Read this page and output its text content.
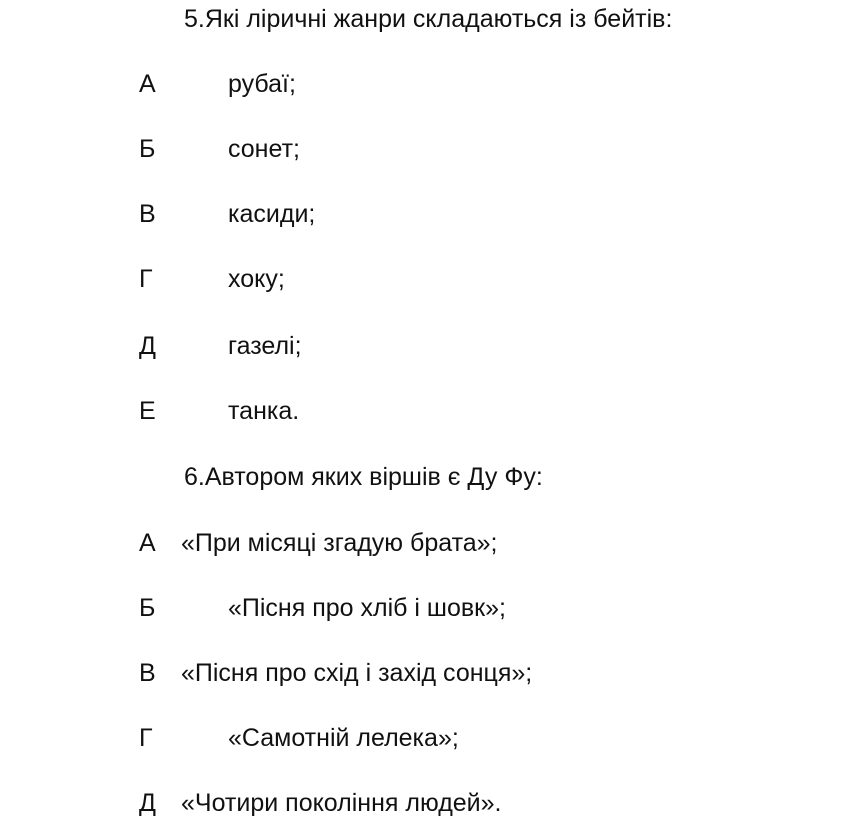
5.Які ліричні жанри складаються із бейтів:
А	рубаї;
Б	сонет;
В	касиди;
Г	хоку;
Д	газелі;
Е	танка.
6.Автором яких віршів є Ду Фу:
А	«При місяці згадую брата»;
Б	«Пісня про хліб і шовк»;
В	«Пісня про схід і захід сонця»;
Г	«Самотній лелека»;
Д	«Чотири покоління людей».
